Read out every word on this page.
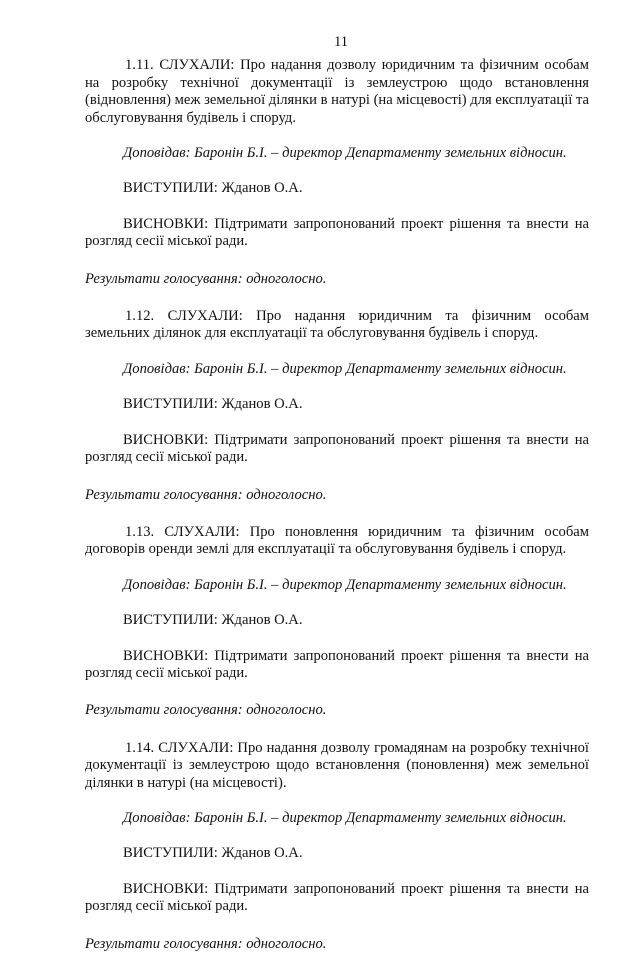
11

1.11. СЛУХАЛИ: Про надання дозволу юридичним та фізичним особам на розробку технічної документації із землеустрою щодо встановлення (відновлення) меж земельної ділянки в натурі (на місцевості) для експлуатації та обслуговування будівель і споруд.

Доповідав: Баронін Б.І. – директор Департаменту земельних відносин.

ВИСТУПИЛИ: Жданов О.А.

ВИСНОВКИ: Підтримати запропонований проект рішення та внести на розгляд сесії міської ради.

Результати голосування: одноголосно.

1.12. СЛУХАЛИ: Про надання юридичним та фізичним особам земельних ділянок для експлуатації та обслуговування будівель і споруд.

Доповідав: Баронін Б.І. – директор Департаменту земельних відносин.

ВИСТУПИЛИ: Жданов О.А.

ВИСНОВКИ: Підтримати запропонований проект рішення та внести на розгляд сесії міської ради.

Результати голосування: одноголосно.

1.13. СЛУХАЛИ: Про поновлення юридичним та фізичним особам договорів оренди землі для експлуатації та обслуговування будівель і споруд.

Доповідав: Баронін Б.І. – директор Департаменту земельних відносин.

ВИСТУПИЛИ: Жданов О.А.

ВИСНОВКИ: Підтримати запропонований проект рішення та внести на розгляд сесії міської ради.

Результати голосування: одноголосно.

1.14. СЛУХАЛИ: Про надання дозволу громадянам на розробку технічної документації із землеустрою щодо встановлення (поновлення) меж земельної ділянки в натурі (на місцевості).

Доповідав: Баронін Б.І. – директор Департаменту земельних відносин.

ВИСТУПИЛИ: Жданов О.А.

ВИСНОВКИ: Підтримати запропонований проект рішення та внести на розгляд сесії міської ради.

Результати голосування: одноголосно.
